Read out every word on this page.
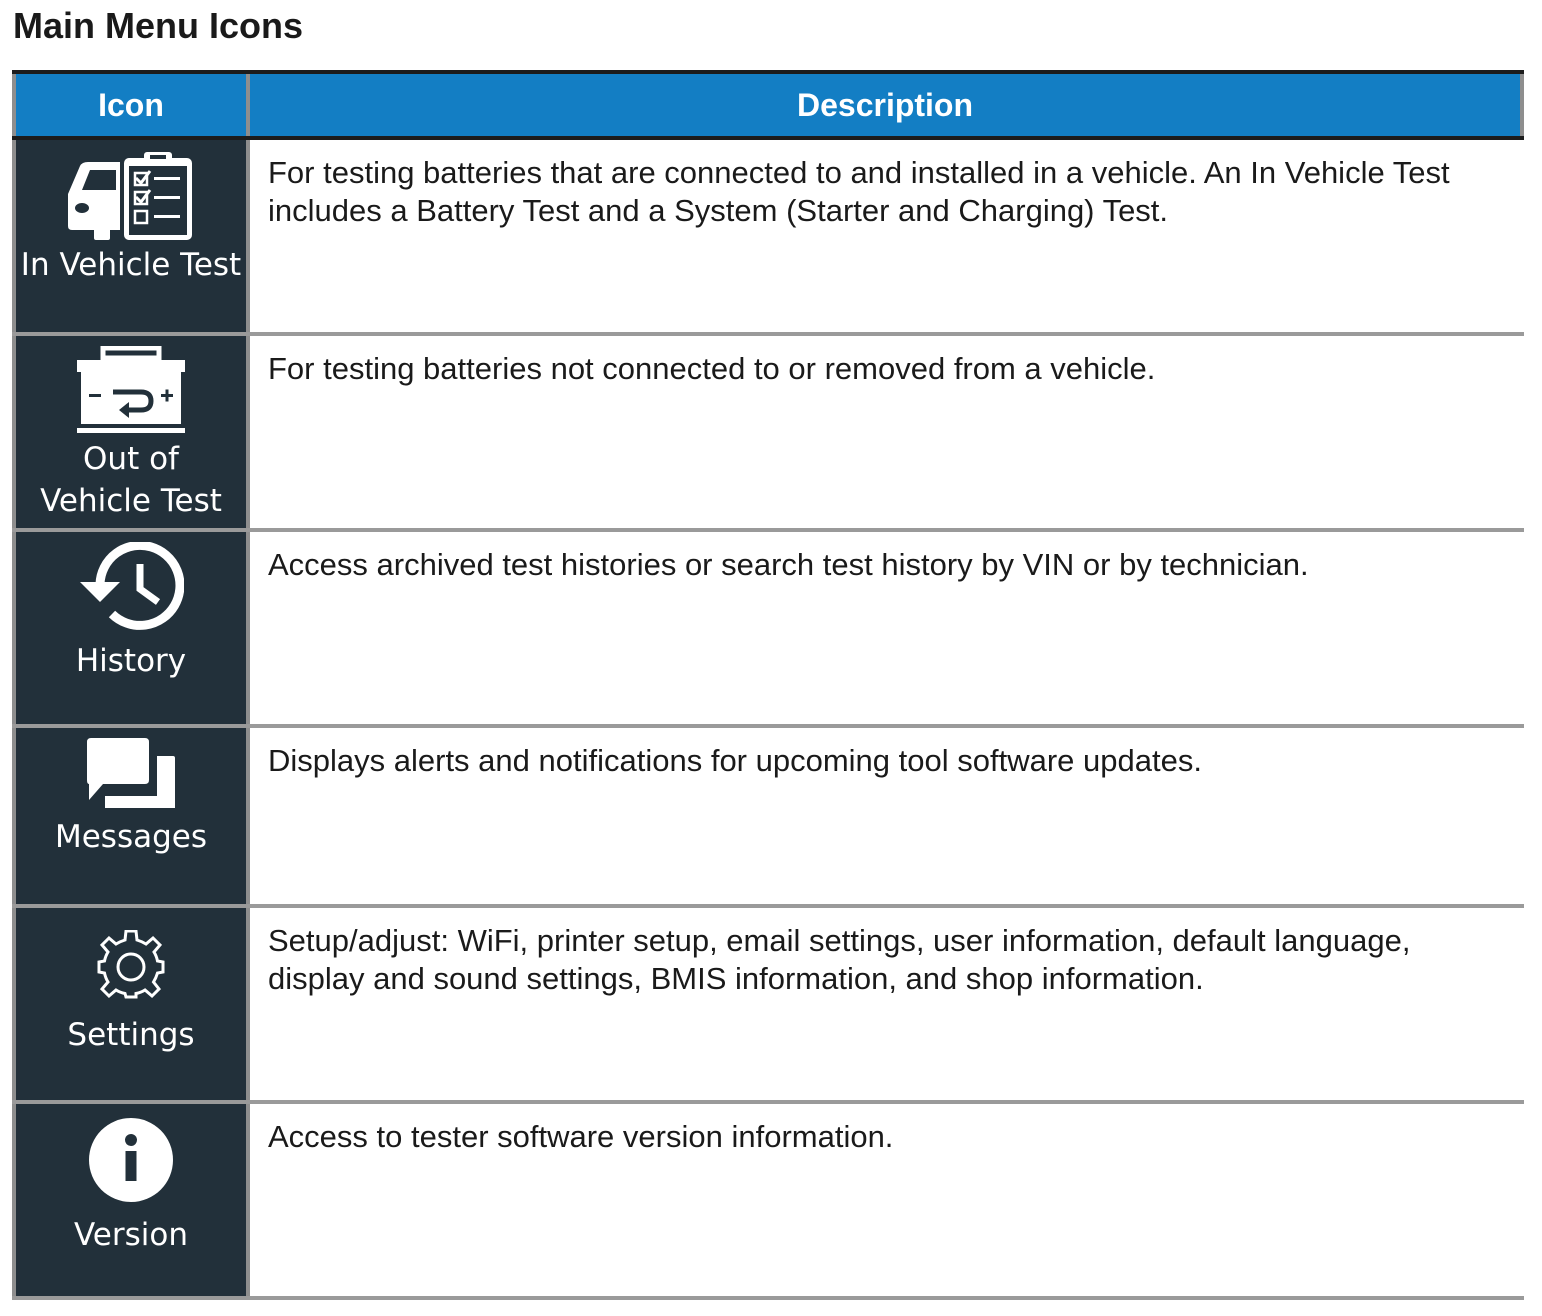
Main Menu Icons
Icon	Description
In Vehicle Test

For testing batteries that are connected to and installed in a vehicle. An In Vehicle Test includes a Battery Test and a System (Starter and Charging) Test.

Out of Vehicle Test

For testing batteries not connected to or removed from a vehicle.

History

Access archived test histories or search test history by VIN or by technician.

Messages

Displays alerts and notifications for upcoming tool software updates.

Settings

Setup/adjust: WiFi, printer setup, email settings, user information, default language, display and sound settings, BMIS information, and shop information.

Version

Access to tester software version information.
